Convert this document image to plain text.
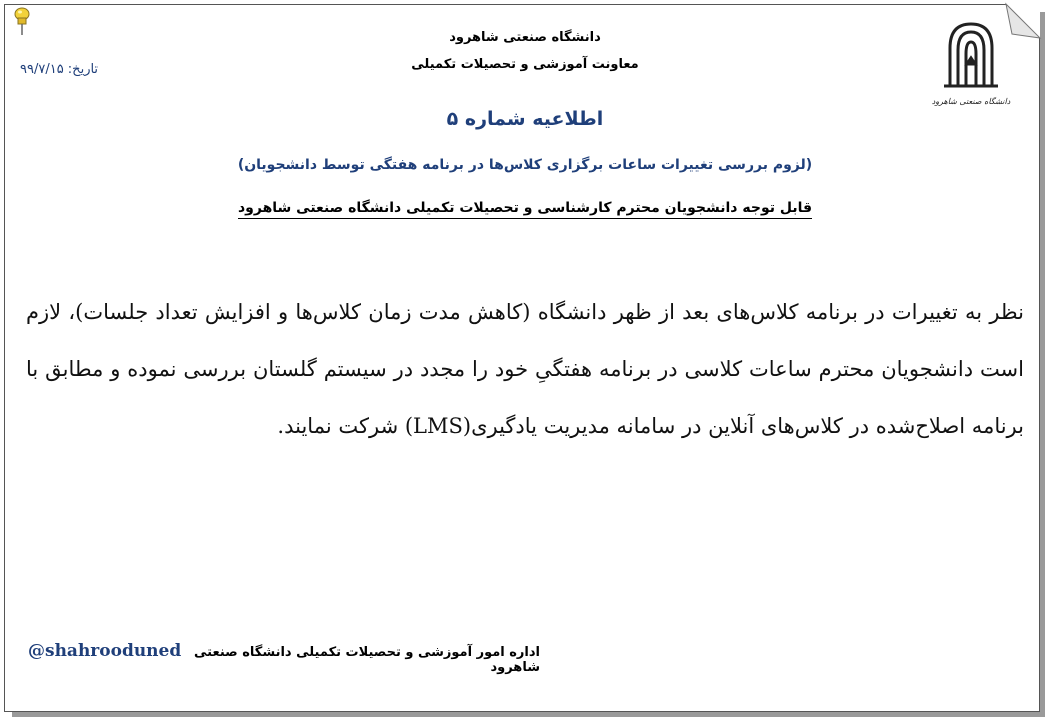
دانشگاه صنعتی شاهرود
دانشگاه صنعتی شاهرود
معاونت آموزشی و تحصیلات تکمیلی
تاریخ: ۹۹/۷/۱۵
اطلاعیه شماره ۵
(لزوم بررسی تغییرات ساعات برگزاری کلاس‌ها در برنامه هفتگی توسط دانشجویان)
قابل توجه دانشجویان محترم کارشناسی و تحصیلات تکمیلی دانشگاه صنعتی شاهرود
نظر به تغییرات در برنامه کلاس‌های بعد از ظهر دانشگاه (کاهش مدت زمان کلاس‌ها و افزایش تعداد جلسات)، لازم است دانشجویان محترم ساعات کلاسی در برنامه هفتگیِ خود را مجدد در سیستم گلستان بررسی نموده و مطابق با برنامه اصلاح‌شده در کلاس‌های آنلاین در سامانه مدیریت یادگیری(LMS) شرکت نمایند.
اداره امور آموزشی و تحصیلات تکمیلی دانشگاه صنعتی شاهرود
@shahrooduned
